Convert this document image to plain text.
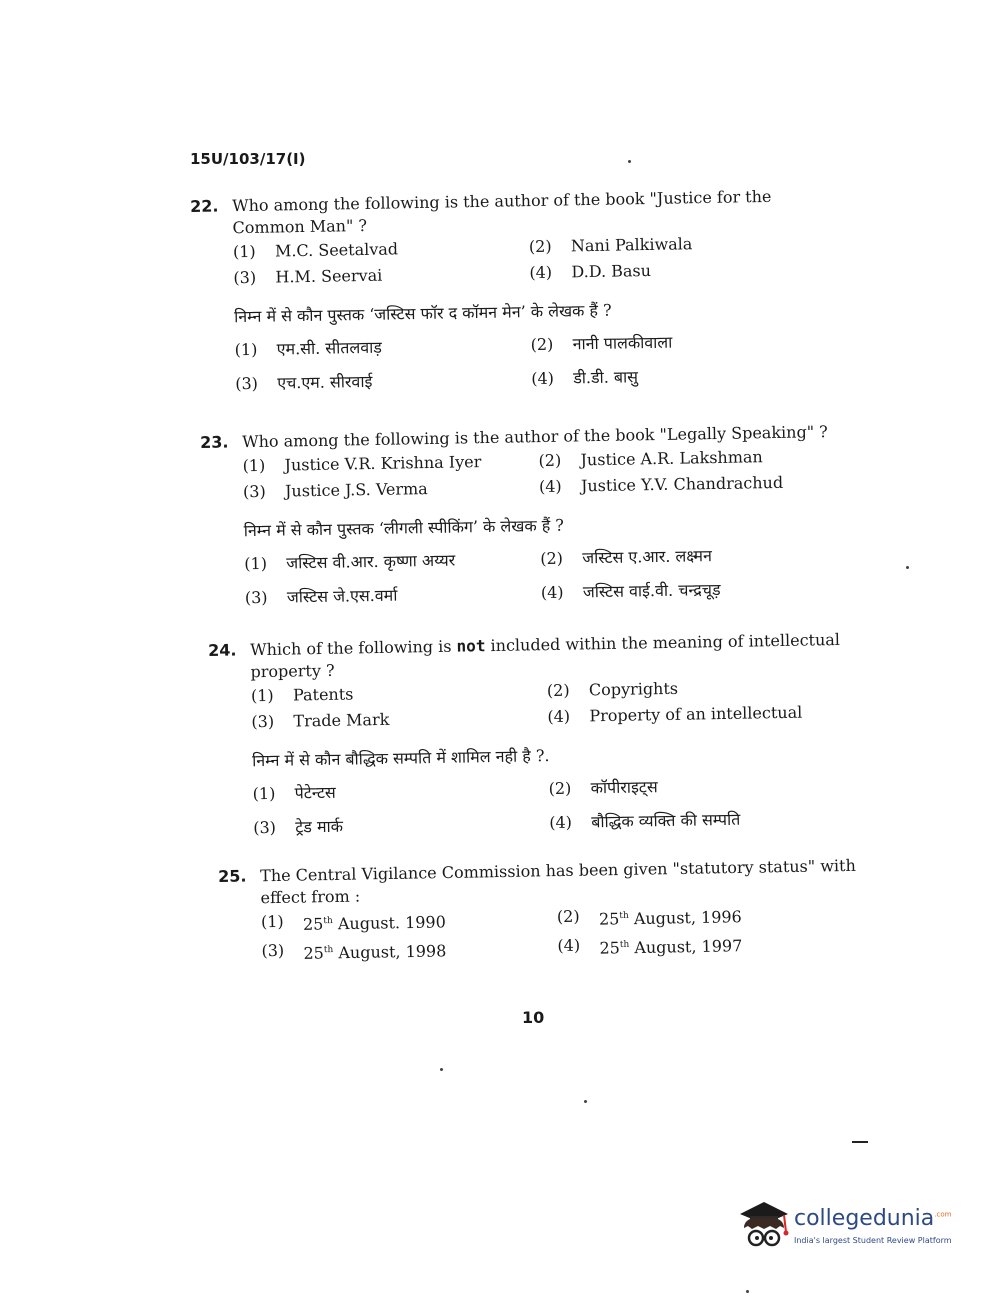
15U/103/17(I)
22. Who among the following is the author of the book "Justice for the Common Man" ?
(1)	M.C. Seetalvad	(2)	Nani Palkiwala
(3)	H.M. Seervai	(4)	D.D. Basu
निम्न में से कौन पुस्तक ‘जस्टिस फॉर द कॉमन मेन’ के लेखक हैं ?
(1)	एम.सी. सीतलवाड़	(2)	नानी पालकीवाला
(3)	एच.एम. सीरवाई	(4)	डी.डी. बासु
23. Who among the following is the author of the book "Legally Speaking" ?
(1)	Justice V.R. Krishna Iyer	(2)	Justice A.R. Lakshman
(3)	Justice J.S. Verma	(4)	Justice Y.V. Chandrachud
निम्न में से कौन पुस्तक ‘लीगली स्पीकिंग’ के लेखक हैं ?
(1)	जस्टिस वी.आर. कृष्णा अय्यर	(2)	जस्टिस ए.आर. लक्ष्मन
(3)	जस्टिस जे.एस.वर्मा	(4)	जस्टिस वाई.वी. चन्द्रचूड़
24. Which of the following is not included within the meaning of intellectual property ?
(1)	Patents	(2)	Copyrights
(3)	Trade Mark	(4)	Property of an intellectual
निम्न में से कौन बौद्धिक सम्पति में शामिल नही है ?.
(1)	पेटेन्टस	(2)	कॉपीराइट्स
(3)	ट्रेड मार्क	(4)	बौद्धिक व्यक्ति की सम्पति
25. The Central Vigilance Commission has been given "statutory status" with effect from :
(1)	25th August. 1990	(2)	25th August, 1996
(3)	25th August, 1998	(4)	25th August, 1997
10
collegedunia$^{.com}$
India's largest Student Review Platform
